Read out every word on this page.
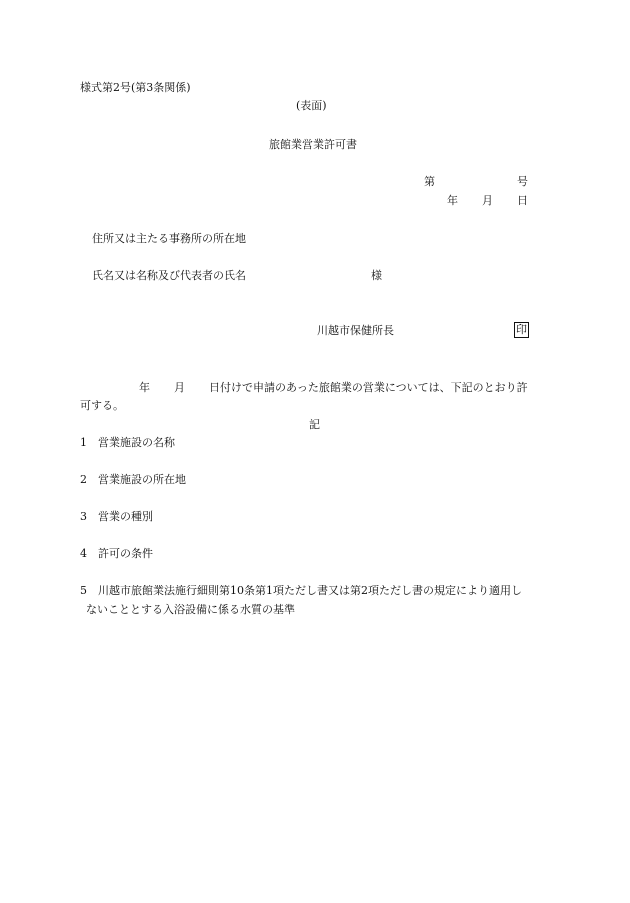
様式第2号(第3条関係)
(表面)
旅館業営業許可書
第	号
年 月 日
住所又は主たる事務所の所在地
氏名又は名称及び代表者の氏名	様
川越市保健所長	印
年 月 日付けで申請のあった旅館業の営業については、下記のとおり許
可する。
記
1 営業施設の名称
2 営業施設の所在地
3 営業の種別
4 許可の条件
5 川越市旅館業法施行細則第10条第1項ただし書又は第2項ただし書の規定により適用し
ないこととする入浴設備に係る水質の基準
